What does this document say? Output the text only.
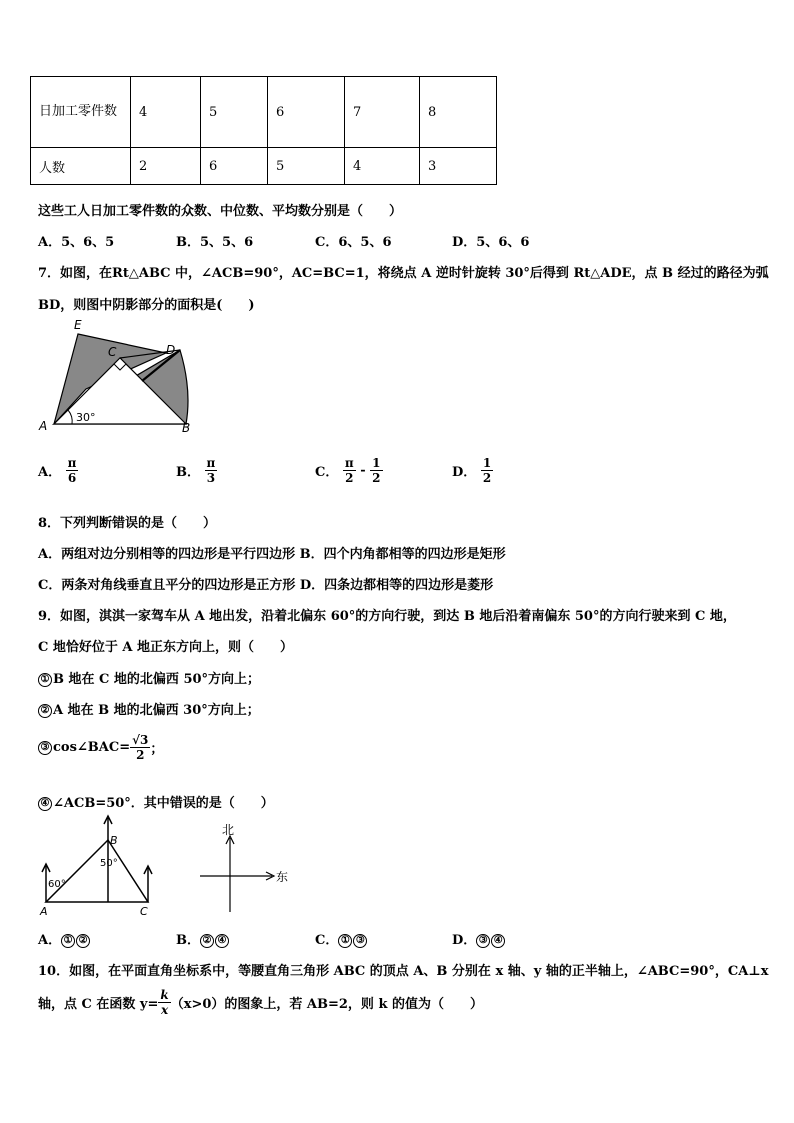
日加工零件数	4	5	6	7	8
人数	2	6	5	4	3
这些工人日加工零件数的众数、中位数、平均数分别是（　　）
A．5、6、5	B．5、5、6	C．6、5、6	D．5、6、6
7．如图，在Rt△ABC 中，∠ACB=90°，AC=BC=1，将绕点 A 逆时针旋转 30°后得到 Rt△ADE，点 B 经过的路径为弧
BD，则图中阴影部分的面积是(　　)
E
C	D
A	B
30°
A． $\frac{\pi}{6}$	B． $\frac{\pi}{3}$	C． $\frac{\pi}{2} - \frac{1}{2}$	D． $\frac{1}{2}$
8．下列判断错误的是（　　）
A．两组对边分别相等的四边形是平行四边形 B．四个内角都相等的四边形是矩形
C．两条对角线垂直且平分的四边形是正方形 D．四条边都相等的四边形是菱形
9．如图，淇淇一家驾车从 A 地出发，沿着北偏东 60°的方向行驶，到达 B 地后沿着南偏东 50°的方向行驶来到 C 地，
C 地恰好位于 A 地正东方向上，则（　　）
① B 地在 C 地的北偏西 50°方向上；
② A 地在 B 地的北偏西 30°方向上；
③ cos∠BAC= $\frac{√3}{2}$ ；
④ ∠ACB=50°．其中错误的是（　　）
A
B
C
60°
50°
北
东
A． ① ②	B． ② ④	C． ① ③	D． ③ ④
10．如图，在平面直角坐标系中，等腰直角三角形 ABC 的顶点 A、B 分别在 x 轴、y 轴的正半轴上，∠ABC=90°，CA⊥x
轴，点 C 在函数 $y= \frac{k}{x} (x>0)$的图象上，若 AB=2，则 k 的值为（　　）
